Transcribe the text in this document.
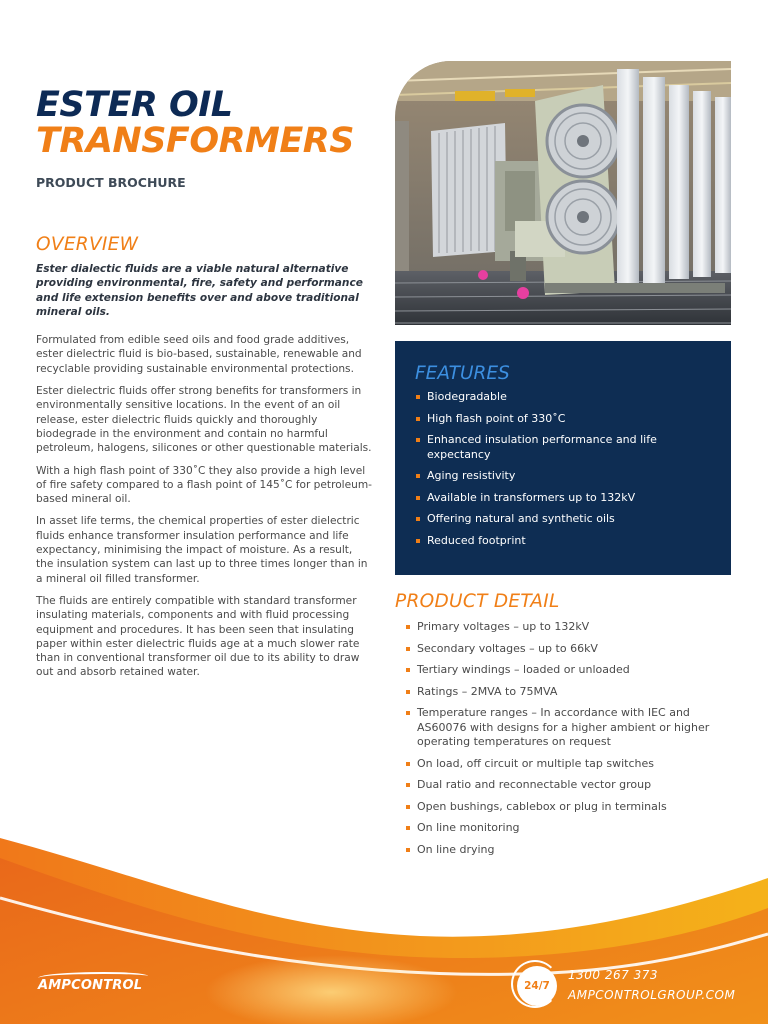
ESTER OIL
TRANSFORMERS

PRODUCT BROCHURE

OVERVIEW

Ester dialectic fluids are a viable natural alternative providing environmental, fire, safety and performance and life extension benefits over and above traditional mineral oils.

Formulated from edible seed oils and food grade additives, ester dielectric fluid is bio-based, sustainable, renewable and recyclable providing sustainable environmental protections.

Ester dielectric fluids offer strong benefits for transformers in environmentally sensitive locations. In the event of an oil release, ester dielectric fluids quickly and thoroughly biodegrade in the environment and contain no harmful petroleum, halogens, silicones or other questionable materials.

With a high flash point of 330˚C they also provide a high level of fire safety compared to a flash point of 145˚C for petroleum-based mineral oil.

In asset life terms, the chemical properties of ester dielectric fluids enhance transformer insulation performance and life expectancy, minimising the impact of moisture. As a result, the insulation system can last up to three times longer than in a mineral oil filled transformer.

The fluids are entirely compatible with standard transformer insulating materials, components and with fluid processing equipment and procedures. It has been seen that insulating paper within ester dielectric fluids age at a much slower rate than in conventional transformer oil due to its ability to draw out and absorb retained water.

FEATURES
Biodegradable
High flash point of 330˚C
Enhanced insulation performance and life expectancy
Aging resistivity
Available in transformers up to 132kV
Offering natural and synthetic oils
Reduced footprint
PRODUCT DETAIL
Primary voltages – up to 132kV
Secondary voltages – up to 66kV
Tertiary windings – loaded or unloaded
Ratings – 2MVA to 75MVA
Temperature ranges – In accordance with IEC and AS60076 with designs for a higher ambient or higher operating temperatures on request
On load, off circuit or multiple tap switches
Dual ratio and reconnectable vector group
Open bushings, cablebox or plug in terminals
On line monitoring
On line drying
AMPCONTROL	24/7
1300 267 373
AMPCONTROLGROUP.COM
